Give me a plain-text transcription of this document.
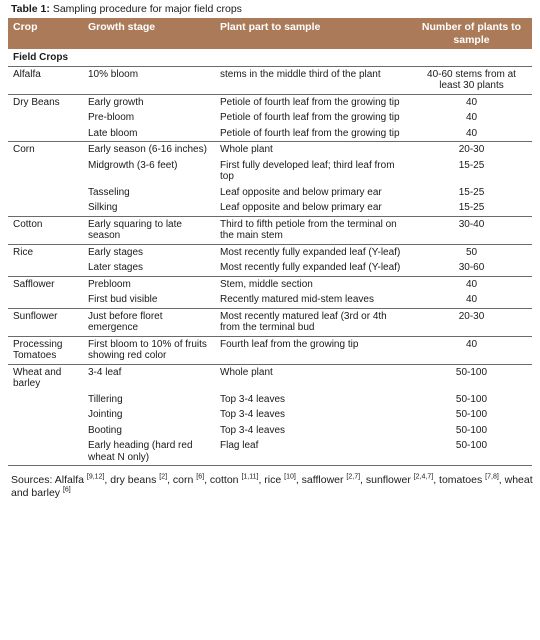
Table 1: Sampling procedure for major field crops
Crop	Growth stage	Plant part to sample	Number of plants to sample
Field Crops			
Alfalfa	10% bloom	stems in the middle third of the plant	40-60 stems from at least 30 plants
Dry Beans	Early growth	Petiole of fourth leaf from the growing tip	40
	Pre-bloom	Petiole of fourth leaf from the growing tip	40
	Late bloom	Petiole of fourth leaf from the growing tip	40
Corn	Early season (6-16 inches)	Whole plant	20-30
	Midgrowth (3-6 feet)	First fully developed leaf; third leaf from top	15-25
	Tasseling	Leaf opposite and below primary ear	15-25
	Silking	Leaf opposite and below primary ear	15-25
Cotton	Early squaring to late season	Third to fifth petiole from the terminal on the main stem	30-40
Rice	Early stages	Most recently fully expanded leaf (Y-leaf)	50
	Later stages	Most recently fully expanded leaf (Y-leaf)	30-60
Safflower	Prebloom	Stem, middle section	40
	First bud visible	Recently matured mid-stem leaves	40
Sunflower	Just before floret emergence	Most recently matured leaf (3rd or 4th from the terminal bud	20-30
Processing Tomatoes	First bloom to 10% of fruits showing red color	Fourth leaf from the growing tip	40
Wheat and barley	3-4 leaf	Whole plant	50-100
	Tillering	Top 3-4 leaves	50-100
	Jointing	Top 3-4 leaves	50-100
	Booting	Top 3-4 leaves	50-100
	Early heading (hard red wheat N only)	Flag leaf	50-100
Sources: Alfalfa [9,12], dry beans [2], corn [6], cotton [1,11], rice [10], safflower [2,7], sunflower [2,4,7], tomatoes [7,8], wheat and barley [6]
